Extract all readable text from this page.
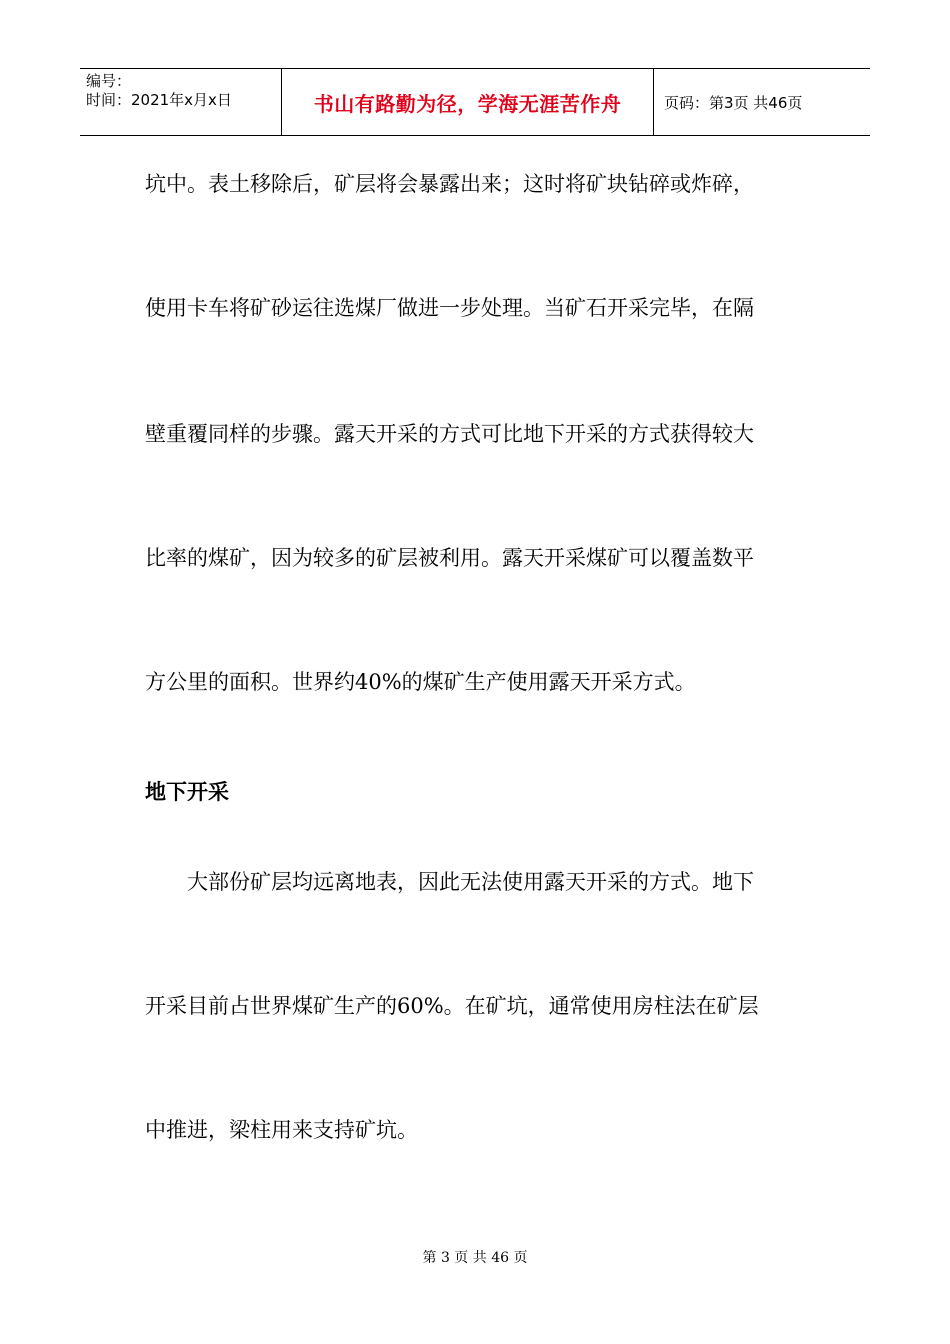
编号：
时间：2021年x月x日	书山有路勤为径，学海无涯苦作舟	页码：第3页 共46页
坑中。表土移除后，矿层将会暴露出来；这时将矿块钻碎或炸碎，
使用卡车将矿砂运往选煤厂做进一步处理。当矿石开采完毕，在隔
壁重覆同样的步骤。露天开采的方式可比地下开采的方式获得较大
比率的煤矿，因为较多的矿层被利用。露天开采煤矿可以覆盖数平
方公里的面积。世界约40%的煤矿生产使用露天开采方式。
地下开采
　　大部份矿层均远离地表，因此无法使用露天开采的方式。地下
开采目前占世界煤矿生产的60%。在矿坑，通常使用房柱法在矿层
中推进，梁柱用来支持矿坑。
第 3 页 共 46 页
